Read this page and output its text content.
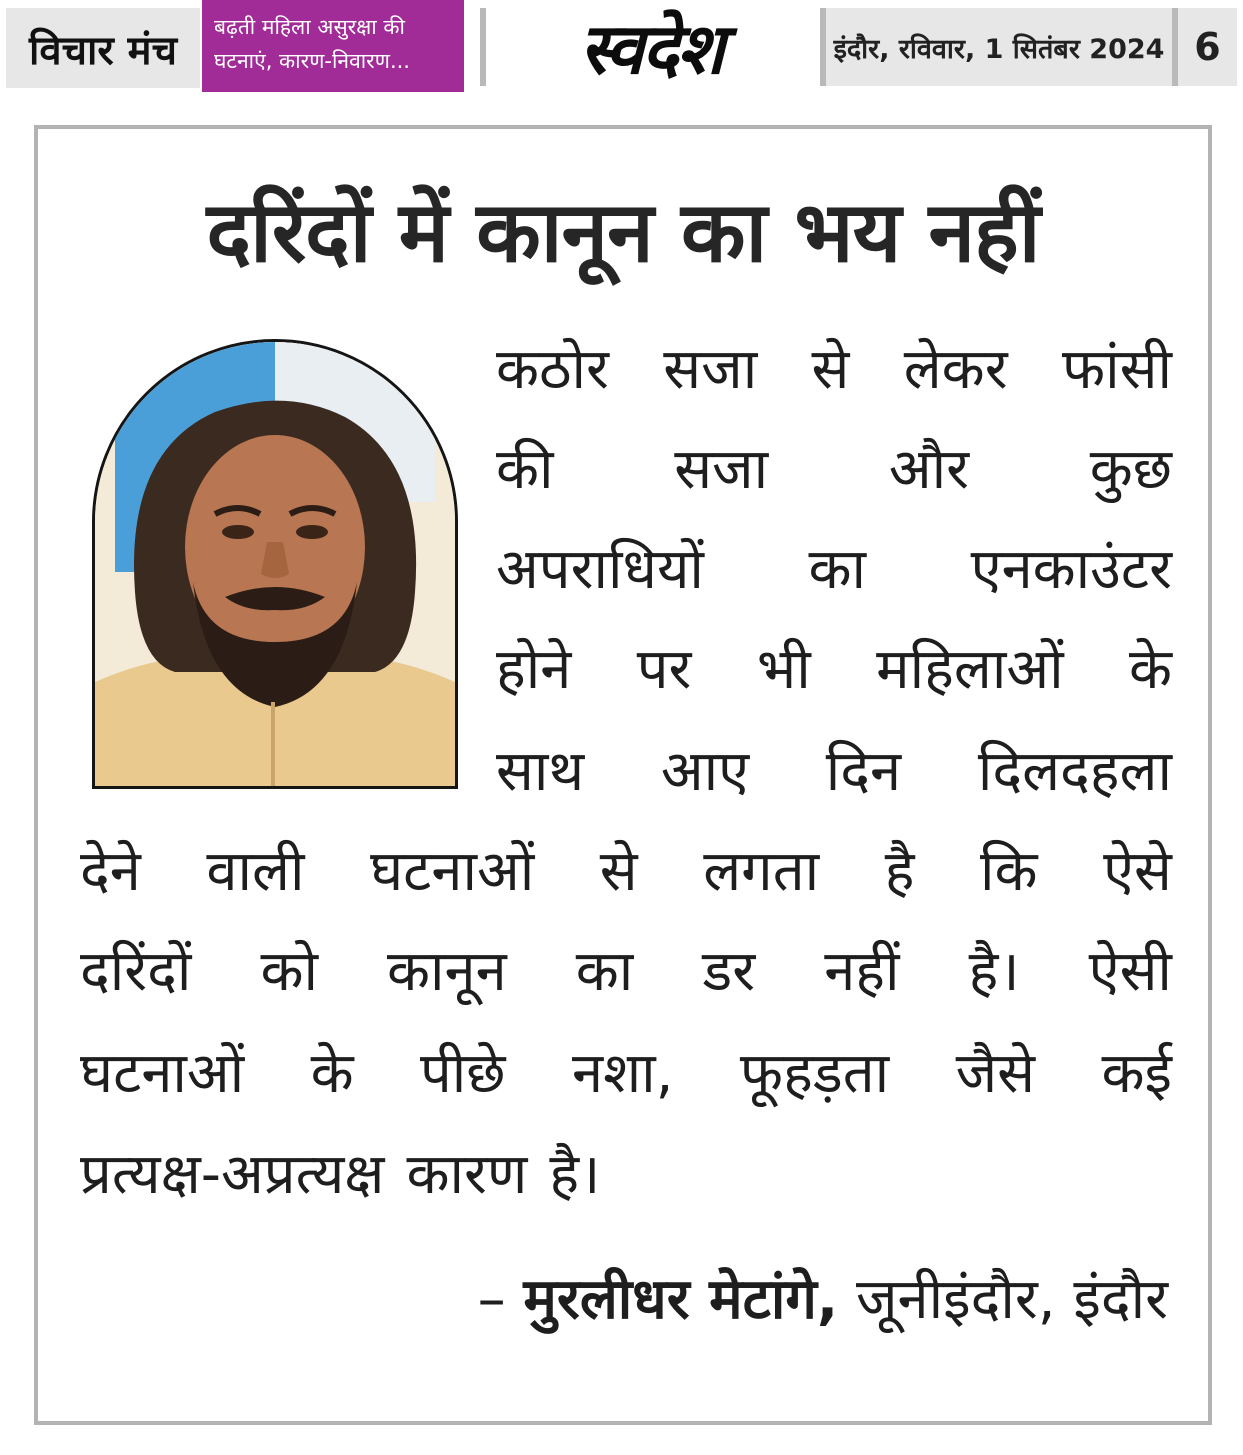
विचार मंच
बढ़ती महिला असुरक्षा की
घटनाएं, कारण-निवारण...	स्वदेश	इंदौर, रविवार, 1 सितंबर 2024 6
दरिंदों में कानून का भय नहीं
कठोर सजा से लेकर फांसी
की सजा और कुछ
अपराधियों का एनकाउंटर
होने पर भी महिलाओं के
साथ आए दिन दिलदहला
देने वाली घटनाओं से लगता है कि ऐसे
दरिंदों को कानून का डर नहीं है। ऐसी
घटनाओं के पीछे नशा, फूहड़ता जैसे कई
प्रत्यक्ष-अप्रत्यक्ष कारण है।
– मुरलीधर मेटांगे, जूनीइंदौर, इंदौर
